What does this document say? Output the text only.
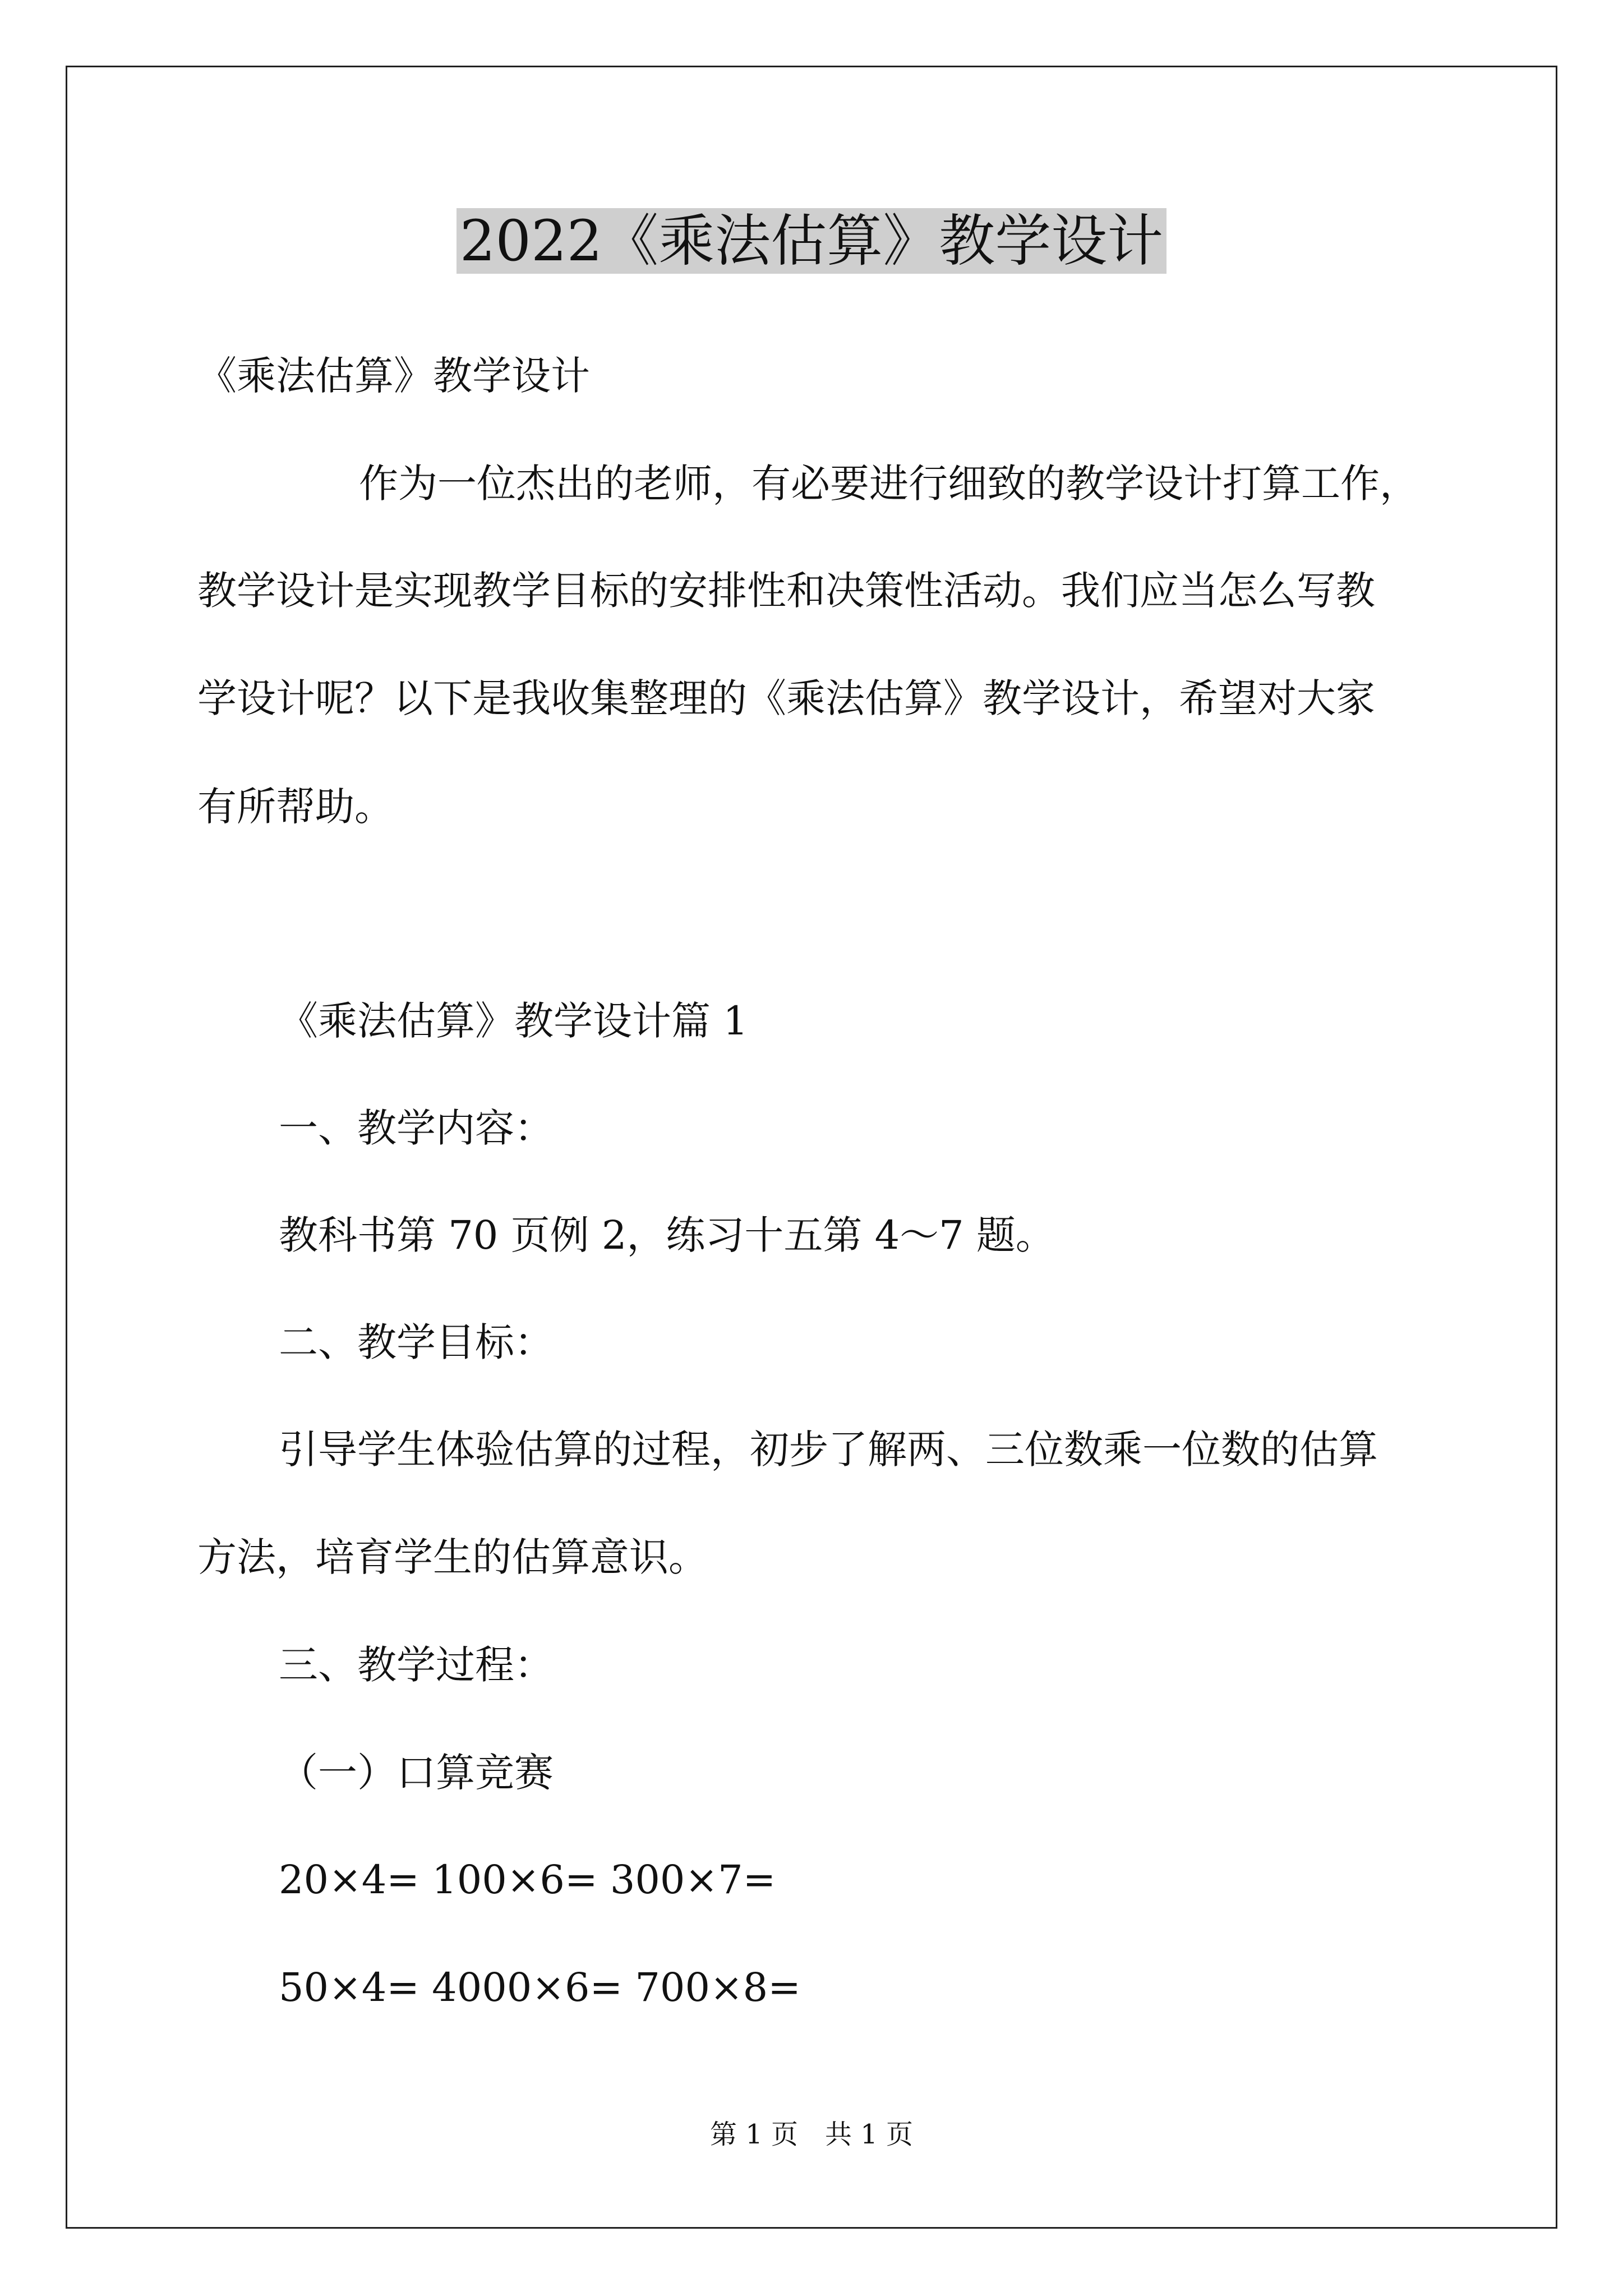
2022《乘法估算》教学设计

《乘法估算》教学设计

作为一位杰出的老师，有必要进行细致的教学设计打算工作，

教学设计是实现教学目标的安排性和决策性活动。我们应当怎么写教

学设计呢？以下是我收集整理的《乘法估算》教学设计，希望对大家

有所帮助。

《乘法估算》教学设计篇 1

一、教学内容：

教科书第 70 页例 2，练习十五第 4～7 题。

二、教学目标：

引导学生体验估算的过程，初步了解两、三位数乘一位数的估算

方法，培育学生的估算意识。

三、教学过程：

（一）口算竞赛

20×4= 100×6= 300×7=

50×4= 4000×6= 700×8=

第 1 页　共 1 页
